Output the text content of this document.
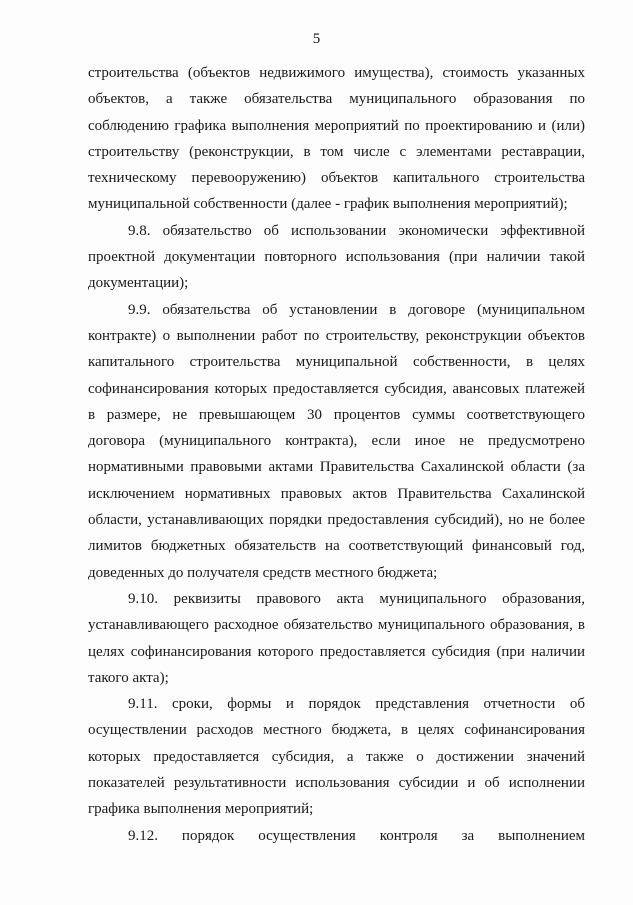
5

строительства (объектов недвижимого имущества), стоимость указанных объектов, а также обязательства муниципального образования по соблюдению графика выполнения мероприятий по проектированию и (или) строительству (реконструкции, в том числе с элементами реставрации, техническому перевооружению) объектов капитального строительства муниципальной собственности (далее - график выполнения мероприятий);

9.8. обязательство об использовании экономически эффективной проектной документации повторного использования (при наличии такой документации);

9.9. обязательства об установлении в договоре (муниципальном контракте) о выполнении работ по строительству, реконструкции объектов капитального строительства муниципальной собственности, в целях софинансирования которых предоставляется субсидия, авансовых платежей в размере, не превышающем 30 процентов суммы соответствующего договора (муниципального контракта), если иное не предусмотрено нормативными правовыми актами Правительства Сахалинской области (за исключением нормативных правовых актов Правительства Сахалинской области, устанавливающих порядки предоставления субсидий), но не более лимитов бюджетных обязательств на соответствующий финансовый год, доведенных до получателя средств местного бюджета;

9.10. реквизиты правового акта муниципального образования, устанавливающего расходное обязательство муниципального образования, в целях софинансирования которого предоставляется субсидия (при наличии такого акта);

9.11. сроки, формы и порядок представления отчетности об осуществлении расходов местного бюджета, в целях софинансирования которых предоставляется субсидия, а также о достижении значений показателей результативности использования субсидии и об исполнении графика выполнения мероприятий;

9.12. порядок осуществления контроля за выполнением
